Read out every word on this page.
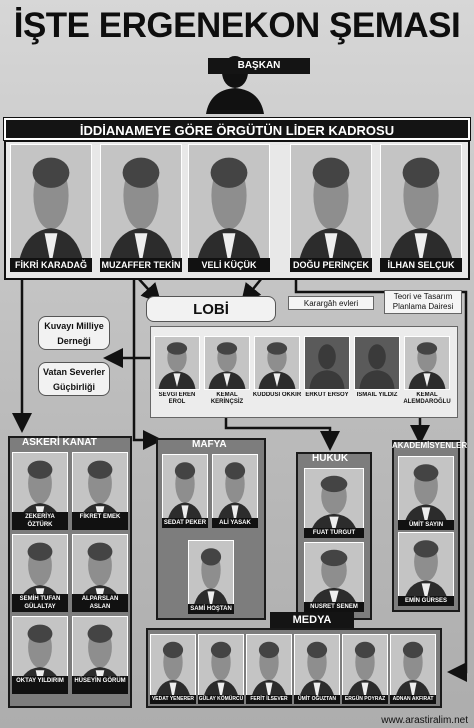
İŞTE ERGENEKON ŞEMASI
BAŞKAN
İDDİANAMEYE GÖRE ÖRGÜTÜN LİDER KADROSU
FİKRİ KARADAĞ	MUZAFFER TEKİN	VELİ KÜÇÜK	DOĞU PERİNÇEK	İLHAN SELÇUK
LOBİ	Karargâh evleri
Teori ve Tasarım Planlama Dairesi
Kuvayı Milliye Derneği
Vatan Severler Güçbirliği
SEVGİ EREN EROL
KEMAL KERİNÇSİZ
KUDDUSİ OKKIR ERKUT ERSOY	İSMAİL YILDIZ	KEMAL ALEMDAROĞLU
ASKERİ KANAT
ZEKERİYA ÖZTÜRK
FİKRET EMEK
SEMİH TUFAN GÜLALTAY
ALPARSLAN ASLAN
OKTAY YILDIRIM	HÜSEYİN GÖRÜM
MAFYA
SEDAT PEKER	ALİ YASAK
SAMİ HOŞTAN
HUKUK
FUAT TURGUT
NUSRET SENEM
AKADEMİSYENLER
ÜMİT SAYIN
EMİN GÜRSES
MEDYA
VEDAT YENERER GÜLAY KÖMÜRCÜ	FERİT İLSEVER	ÜMİT OĞUZTAN	ERGÜN POYRAZ	ADNAN AKFIRAT
www.arastiralim.net
